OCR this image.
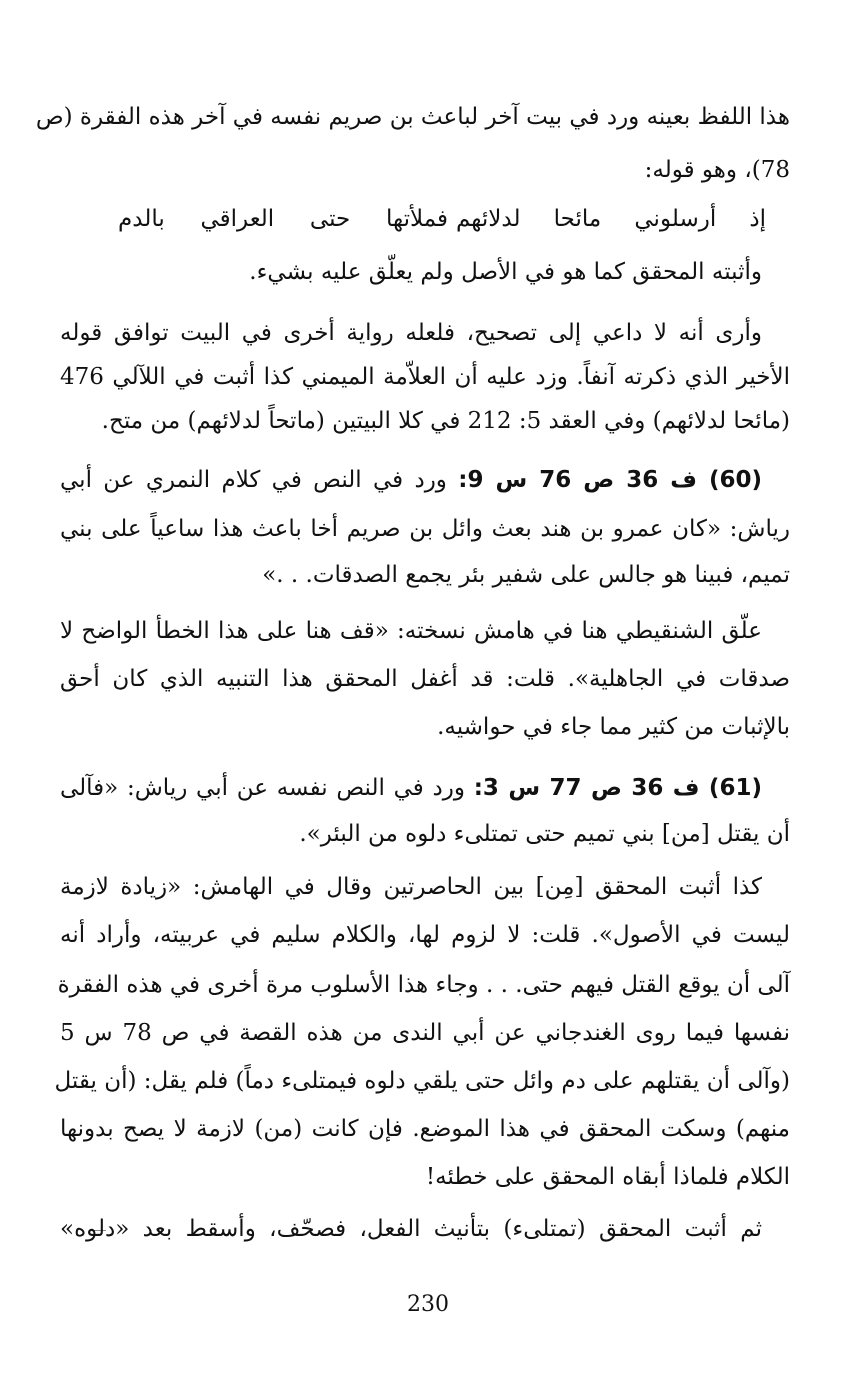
هذا اللفظ بعينه ورد في بيت آخر لباعث بن صريم نفسه في آخر هذه الفقرة (ص
78)، وهو قوله:
إذ أرسلوني مائحا لدلائهم
فملأتها حتى العراقي بالدم
وأثبته المحقق كما هو في الأصل ولم يعلّق عليه بشيء.
وأرى أنه لا داعي إلى تصحيح، فلعله رواية أخرى في البيت توافق قوله
الأخير الذي ذكرته آنفاً. وزد عليه أن العلاّمة الميمني كذا أثبت في اللآلي 476
(مائحا لدلائهم) وفي العقد 5: 212 في كلا البيتين (ماتحاً لدلائهم) من متح.
(60) ف 36 ص 76 س 9: ورد في النص في كلام النمري عن أبي
رياش: «كان عمرو بن هند بعث وائل بن صريم أخا باعث هذا ساعياً على بني
تميم، فبينا هو جالس على شفير بئر يجمع الصدقات. . .»
علّق الشنقيطي هنا في هامش نسخته: «قف هنا على هذا الخطأ الواضح لا
صدقات في الجاهلية». قلت: قد أغفل المحقق هذا التنبيه الذي كان أحق
بالإثبات من كثير مما جاء في حواشيه.
(61) ف 36 ص 77 س 3: ورد في النص نفسه عن أبي رياش: «فآلى
أن يقتل [من] بني تميم حتى تمتلىء دلوه من البئر».
كذا أثبت المحقق [مِن] بين الحاصرتين وقال في الهامش: «زيادة لازمة
ليست في الأصول». قلت: لا لزوم لها، والكلام سليم في عربيته، وأراد أنه
آلى أن يوقع القتل فيهم حتى. . . وجاء هذا الأسلوب مرة أخرى في هذه الفقرة
نفسها فيما روى الغندجاني عن أبي الندى من هذه القصة في ص 78 س 5
(وآلى أن يقتلهم على دم وائل حتى يلقي دلوه فيمتلىء دماً) فلم يقل: (أن يقتل
منهم) وسكت المحقق في هذا الموضع. فإن كانت (من) لازمة لا يصح بدونها
الكلام فلماذا أبقاه المحقق على خطئه!
ثم أثبت المحقق (تمتلىء) بتأنيث الفعل، فصحّف، وأسقط بعد «دلوه»
230
